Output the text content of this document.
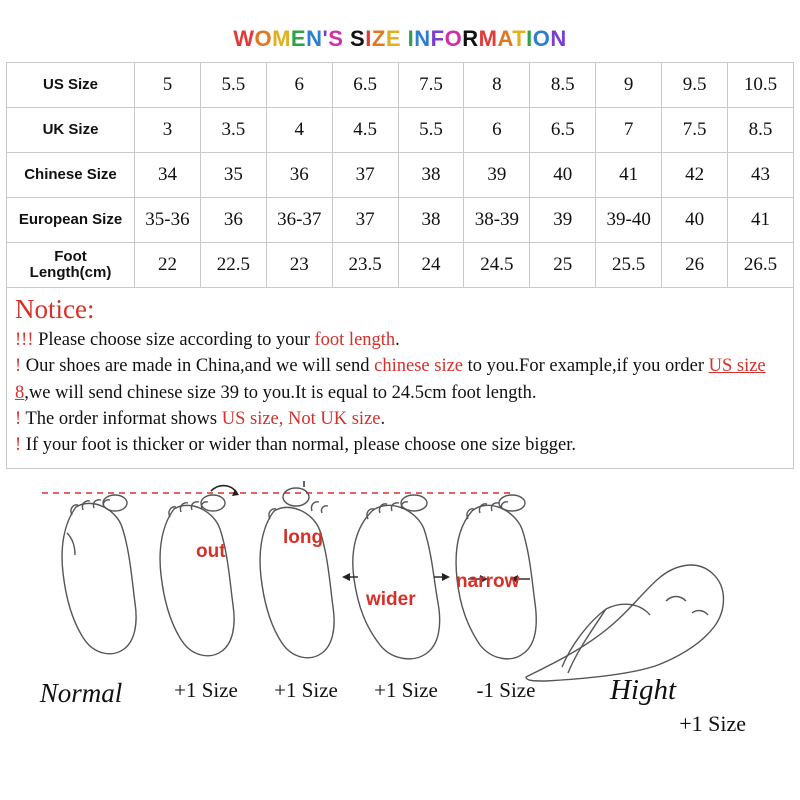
WOMEN'S SIZE INFORMATION
US Size	5	5.5	6	6.5	7.5	8	8.5	9	9.5	10.5
UK Size	3	3.5	4	4.5	5.5	6	6.5	7	7.5	8.5
Chinese Size	34	35	36	37	38	39	40	41	42	43
European Size	35-36	36	36-37	37	38	38-39	39	39-40	40	41
Foot
Length(cm)	22	22.5	23	23.5	24	24.5	25	25.5	26	26.5
Notice:
!!! Please choose size according to your foot length.
! Our shoes are made in China,and we will send chinese size to you.For example,if you order US size 8,we will send chinese size 39 to you.It is equal to 24.5cm foot length.
! The order informat shows US size, Not UK size.
! If your foot is thicker or wider than normal, please choose one size bigger.
out
long
wider
narrow
Normal	+1 Size	+1 Size	+1 Size	-1 Size	Hight
+1 Size
